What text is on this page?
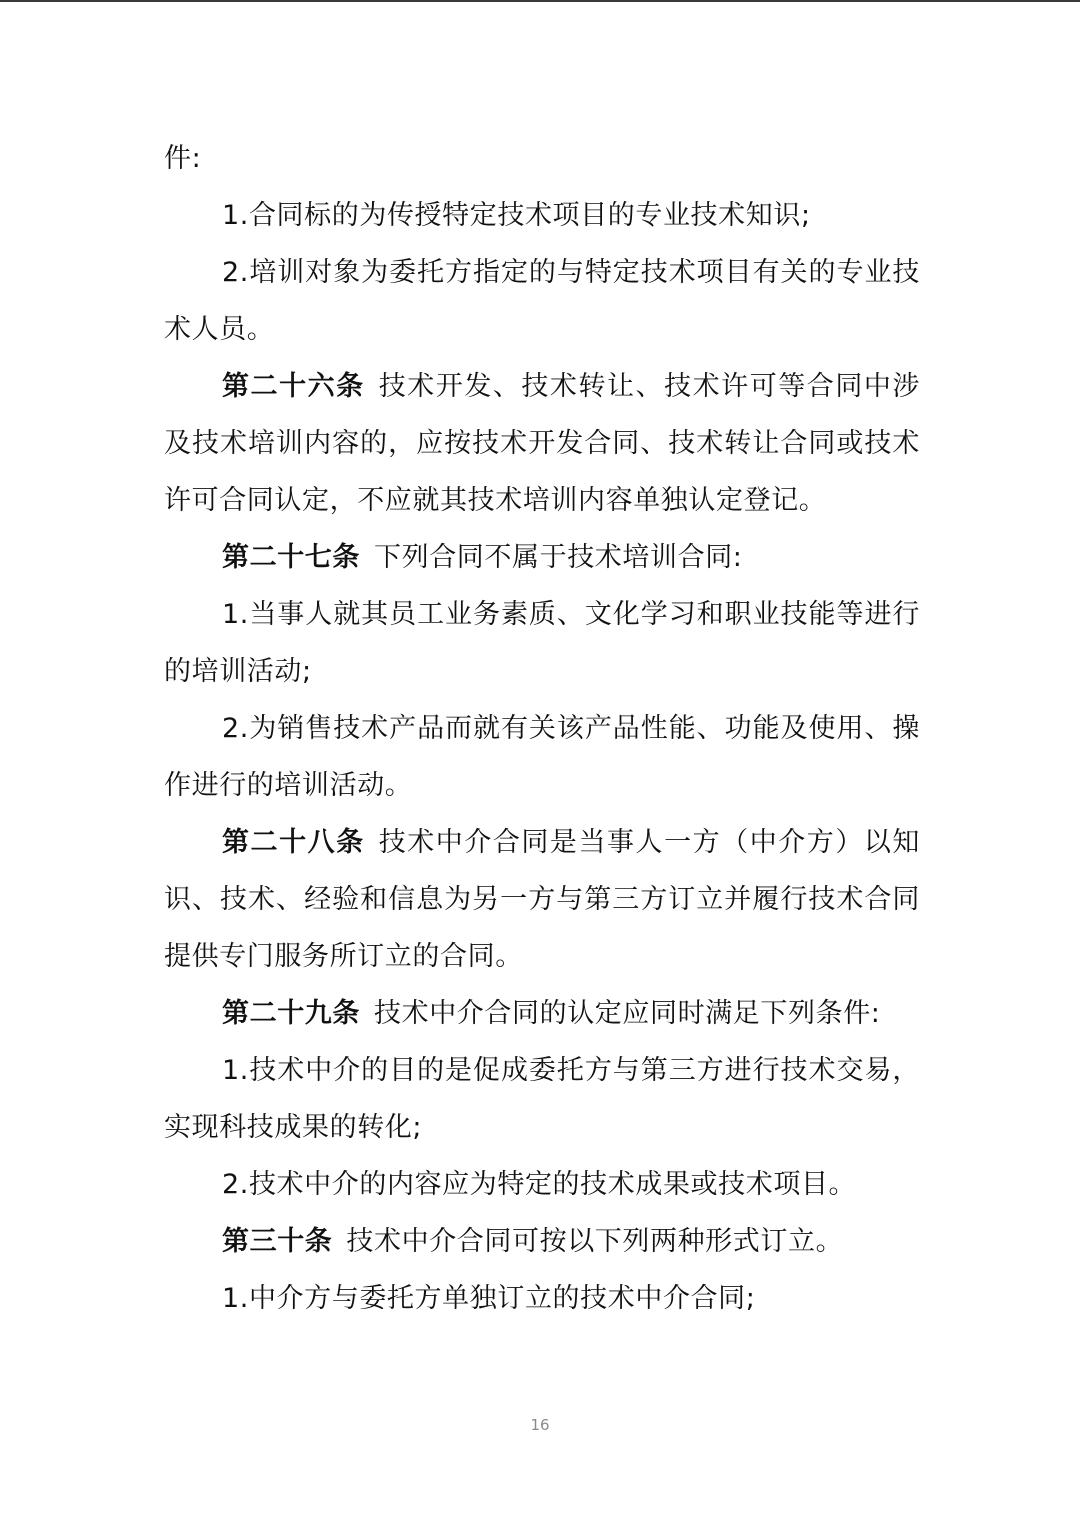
件:

1.合同标的为传授特定技术项目的专业技术知识;

2.培训对象为委托方指定的与特定技术项目有关的专业技术人员。

第二十六条 技术开发、技术转让、技术许可等合同中涉及技术培训内容的，应按技术开发合同、技术转让合同或技术许可合同认定，不应就其技术培训内容单独认定登记。

第二十七条 下列合同不属于技术培训合同:

1.当事人就其员工业务素质、文化学习和职业技能等进行的培训活动;

2.为销售技术产品而就有关该产品性能、功能及使用、操作进行的培训活动。

第二十八条 技术中介合同是当事人一方（中介方）以知识、技术、经验和信息为另一方与第三方订立并履行技术合同提供专门服务所订立的合同。

第二十九条 技术中介合同的认定应同时满足下列条件:

1.技术中介的目的是促成委托方与第三方进行技术交易，实现科技成果的转化;

2.技术中介的内容应为特定的技术成果或技术项目。

第三十条 技术中介合同可按以下列两种形式订立。

1.中介方与委托方单独订立的技术中介合同;

16
